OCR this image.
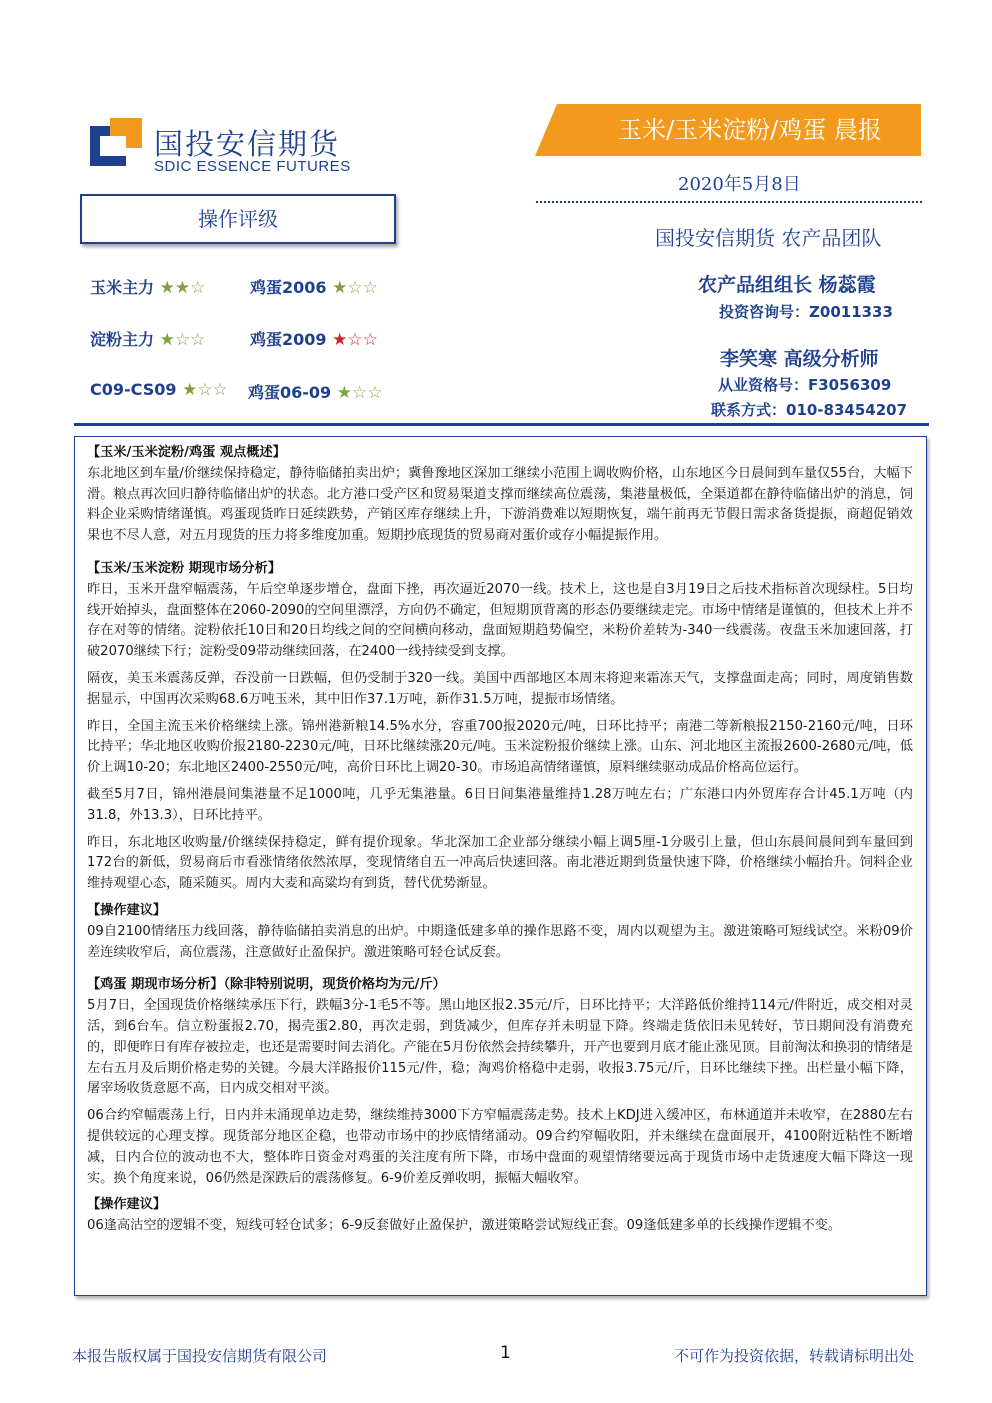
国投安信期货
SDIC ESSENCE FUTURES
玉米/玉米淀粉/鸡蛋 晨报
2020年5月8日
国投安信期货 农产品团队
农产品组组长 杨蕊霞
投资咨询号：Z0011333
李笑寒 高级分析师
从业资格号：F3056309
联系方式：010-83454207
操作评级
玉米主力 ★★☆	鸡蛋2006 ★☆☆
淀粉主力 ★☆☆	鸡蛋2009 ★☆☆
C09-CS09 ★☆☆ 鸡蛋06-09 ★☆☆
【玉米/玉米淀粉/鸡蛋 观点概述】

东北地区到车量/价继续保持稳定，静待临储拍卖出炉；冀鲁豫地区深加工继续小范围上调收购价格，山东地区今日晨间到车量仅55台，大幅下滑。粮点再次回归静待临储出炉的状态。北方港口受产区和贸易渠道支撑而继续高位震荡，集港量极低，全渠道都在静待临储出炉的消息，饲料企业采购情绪谨慎。鸡蛋现货昨日延续跌势，产销区库存继续上升，下游消费难以短期恢复，端午前再无节假日需求备货提振，商超促销效果也不尽人意，对五月现货的压力将多维度加重。短期抄底现货的贸易商对蛋价或存小幅提振作用。

【玉米/玉米淀粉 期现市场分析】

昨日，玉米开盘窄幅震荡，午后空单逐步增仓，盘面下挫，再次逼近2070一线。技术上，这也是自3月19日之后技术指标首次现绿柱。5日均线开始掉头，盘面整体在2060-2090的空间里漂浮，方向仍不确定，但短期顶背离的形态仍要继续走完。市场中情绪是谨慎的，但技术上并不存在对等的情绪。淀粉依托10日和20日均线之间的空间横向移动，盘面短期趋势偏空，米粉价差转为-340一线震荡。夜盘玉米加速回落，打破2070继续下行；淀粉受09带动继续回落，在2400一线持续受到支撑。

隔夜，美玉米震荡反弹，吞没前一日跌幅，但仍受制于320一线。美国中西部地区本周末将迎来霜冻天气，支撑盘面走高；同时，周度销售数据显示，中国再次采购68.6万吨玉米，其中旧作37.1万吨，新作31.5万吨，提振市场情绪。

昨日，全国主流玉米价格继续上涨。锦州港新粮14.5%水分，容重700报2020元/吨，日环比持平；南港二等新粮报2150-2160元/吨，日环比持平；华北地区收购价报2180-2230元/吨，日环比继续涨20元/吨。玉米淀粉报价继续上涨。山东、河北地区主流报2600-2680元/吨，低价上调10-20；东北地区2400-2550元/吨，高价日环比上调20-30。市场追高情绪谨慎，原料继续驱动成品价格高位运行。

截至5月7日，锦州港晨间集港量不足1000吨，几乎无集港量。6日日间集港量维持1.28万吨左右；广东港口内外贸库存合计45.1万吨（内31.8，外13.3），日环比持平。

昨日，东北地区收购量/价继续保持稳定，鲜有提价现象。华北深加工企业部分继续小幅上调5厘-1分吸引上量，但山东晨间晨间到车量回到172台的新低，贸易商后市看涨情绪依然浓厚，变现情绪自五一冲高后快速回落。南北港近期到货量快速下降，价格继续小幅抬升。饲料企业维持观望心态，随采随买。周内大麦和高粱均有到货，替代优势渐显。

【操作建议】

09自2100情绪压力线回落，静待临储拍卖消息的出炉。中期逢低建多单的操作思路不变，周内以观望为主。激进策略可短线试空。米粉09价差连续收窄后，高位震荡，注意做好止盈保护。激进策略可轻仓试反套。

【鸡蛋 期现市场分析】（除非特别说明，现货价格均为元/斤）

5月7日，全国现货价格继续承压下行，跌幅3分-1毛5不等。黑山地区报2.35元/斤，日环比持平；大洋路低价维持114元/件附近，成交相对灵活，到6台车。信立粉蛋报2.70，揭壳蛋2.80，再次走弱，到货减少，但库存并未明显下降。终端走货依旧未见转好，节日期间没有消费充的，即便昨日有库存被拉走，也还是需要时间去消化。产能在5月份依然会持续攀升，开产也要到月底才能止涨见顶。目前淘汰和换羽的情绪是左右五月及后期价格走势的关键。今晨大洋路报价115元/件，稳；淘鸡价格稳中走弱，收报3.75元/斤，日环比继续下挫。出栏量小幅下降，屠宰场收货意愿不高，日内成交相对平淡。

06合约窄幅震荡上行，日内并未涌现单边走势，继续维持3000下方窄幅震荡走势。技术上KDJ进入缓冲区，布林通道并未收窄，在2880左右提供较远的心理支撑。现货部分地区企稳，也带动市场中的抄底情绪涌动。09合约窄幅收阳，并未继续在盘面展开，4100附近粘性不断增减，日内合位的波动也不大，整体昨日资金对鸡蛋的关注度有所下降，市场中盘面的观望情绪要远高于现货市场中走货速度大幅下降这一现实。换个角度来说，06仍然是深跌后的震荡修复。6-9价差反弹收明，振幅大幅收窄。

【操作建议】

06逢高沽空的逻辑不变，短线可轻仓试多；6-9反套做好止盈保护，激进策略尝试短线正套。09逢低建多单的长线操作逻辑不变。

本报告版权属于国投安信期货有限公司	1	不可作为投资依据，转载请标明出处
